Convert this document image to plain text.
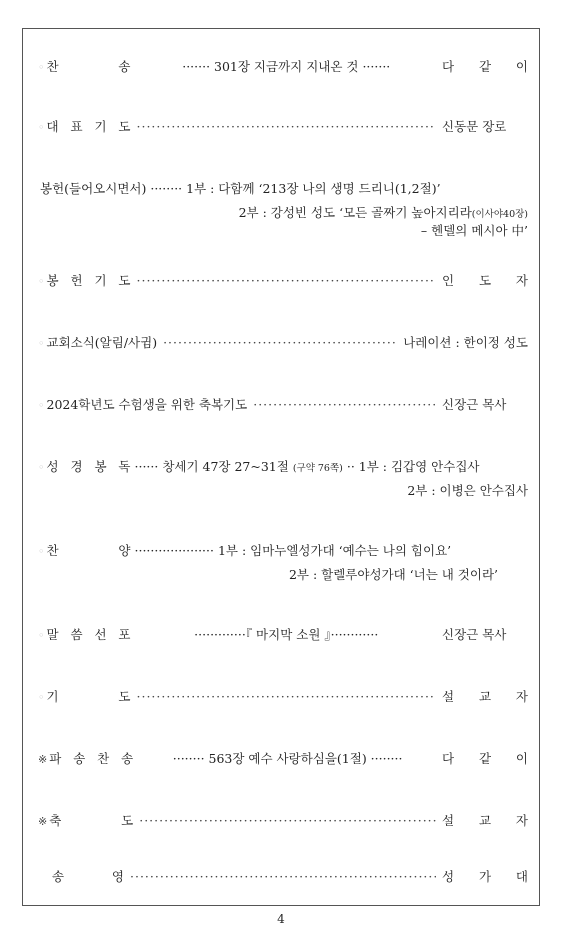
◦ 찬	송	······· 301장 지금까지 지내온 것 ·······	다 같 이
◦ 대 표 기 도 ·····	신동문 장로
봉헌(들어오시면서) ········ 1부 : 다함께 ‘213장 나의 생명 드리니(1,2절)’
2부 : 강성빈 성도 ‘모든 골짜기 높아지리라(이사야40장)
– 헨델의 메시아 中’
◦ 봉 헌 기 도 ·····	인 도 자
◦ 교회소식(알림/사귐) ·····	나레이션 : 한이정 성도
◦ 2024학년도 수험생을 위한 축복기도 ·····	신장근 목사
◦ 성 경 봉 독 ······ 창세기 47장 27~31절 (구약 76쪽) ·· 1부 : 김갑영 안수집사
2부 : 이병은 안수집사
◦ 찬	양 ···················· 1부 : 임마누엘성가대 ‘예수는 나의 힘이요’
2부 : 할렐루야성가대 ‘너는 내 것이라’
◦ 말 씀 선 포	·············『 마지막 소원 』············	신장근 목사
◦ 기	도 ·····	설 교 자
※ 파 송 찬 송	········ 563장 예수 사랑하심을(1절) ········	다 같 이
※ 축	도 ·····	설 교 자
송	영 ·····	성 가 대
4
